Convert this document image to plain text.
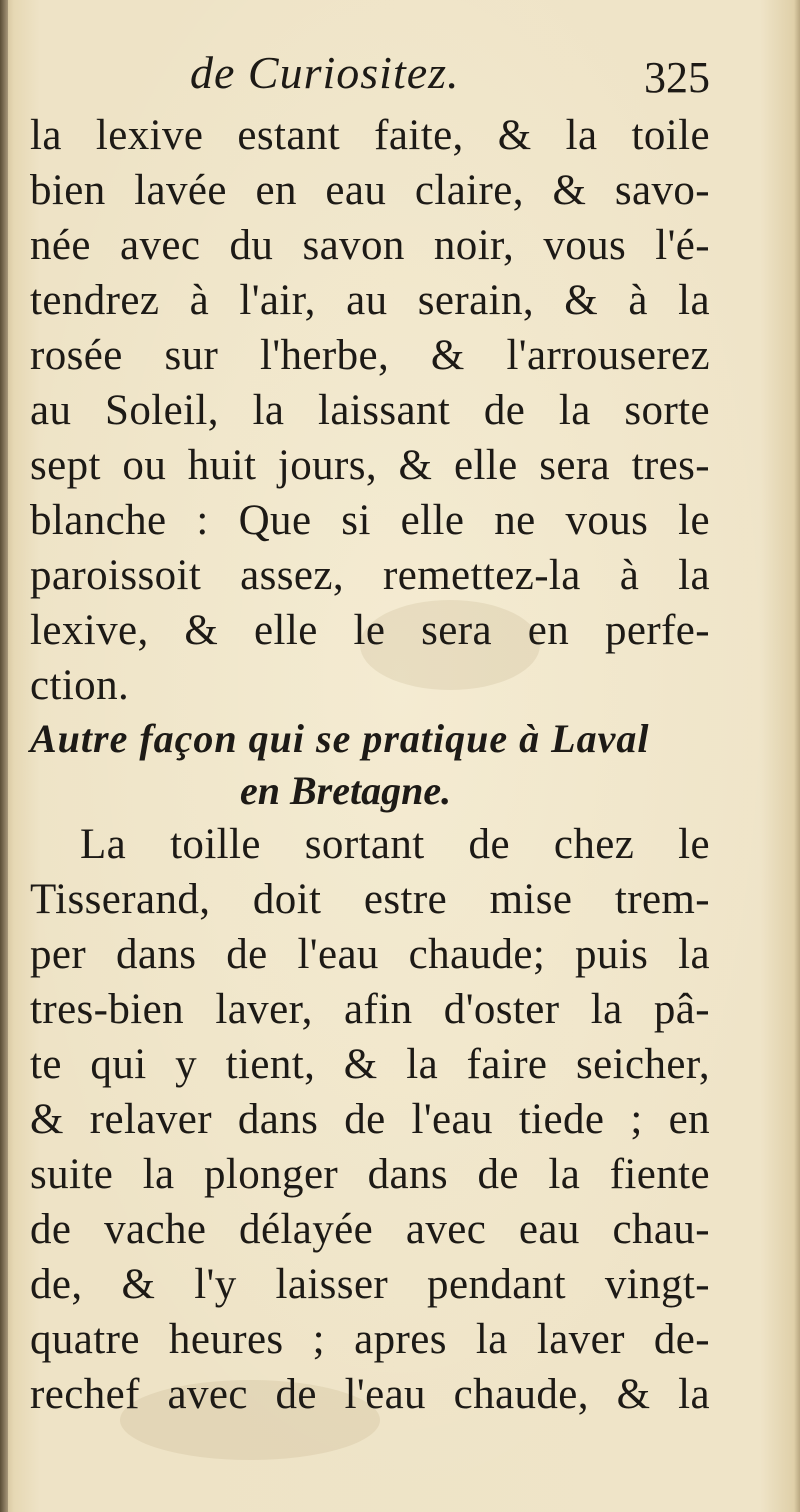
de Curiositez.	325
la lexive estant faite, & la toile
bien lavée en eau claire, & savo-
née avec du savon noir, vous l'é-
tendrez à l'air, au serain, & à la
rosée sur l'herbe, & l'arrouserez
au Soleil, la laissant de la sorte
sept ou huit jours, & elle sera tres-
blanche : Que si elle ne vous le
paroissoit assez, remettez-la à la
lexive, & elle le sera en perfe-
ction.
Autre façon qui se pratique à Laval
en Bretagne.
La toille sortant de chez le
Tisserand, doit estre mise trem-
per dans de l'eau chaude; puis la
tres-bien laver, afin d'oster la pâ-
te qui y tient, & la faire seicher,
& relaver dans de l'eau tiede ; en
suite la plonger dans de la fiente
de vache délayée avec eau chau-
de, & l'y laisser pendant vingt-
quatre heures ; apres la laver de-
rechef avec de l'eau chaude, & la
